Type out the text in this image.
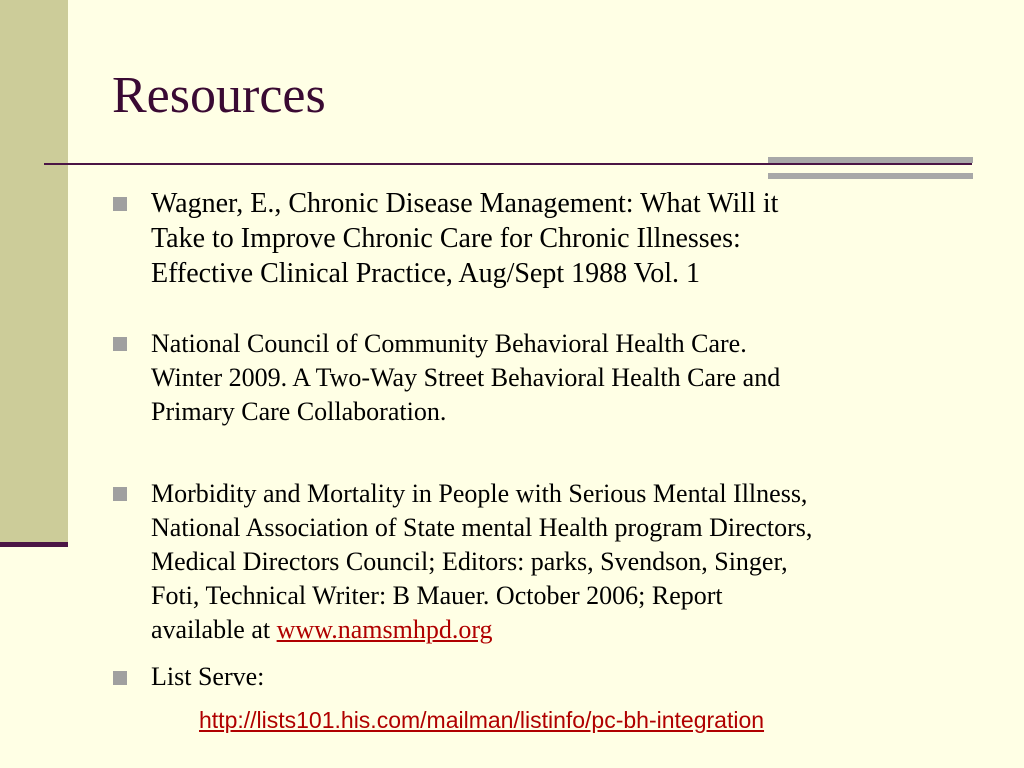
Resources
Wagner, E., Chronic Disease Management: What Will it
Take to Improve Chronic Care for Chronic Illnesses:
Effective Clinical Practice, Aug/Sept 1988 Vol. 1
National Council of Community Behavioral Health Care.
Winter 2009. A Two-Way Street Behavioral Health Care and
Primary Care Collaboration.
Morbidity and Mortality in People with Serious Mental Illness,
National Association of State mental Health program Directors,
Medical Directors Council; Editors: parks, Svendson, Singer,
Foti, Technical Writer: B Mauer. October 2006; Report
available at www.namsmhpd.org
List Serve:
http://lists101.his.com/mailman/listinfo/pc-bh-integration
